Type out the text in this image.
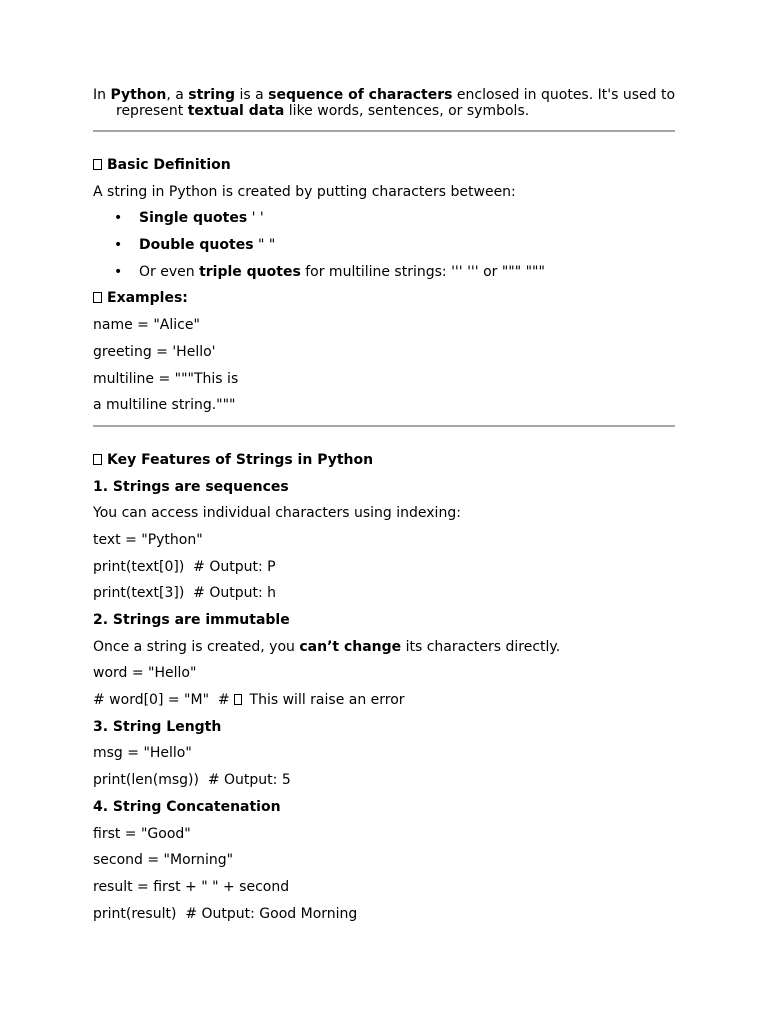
In Python, a string is a sequence of characters enclosed in quotes. It's used to represent textual data like words, sentences, or symbols.

Basic Definition

A string in Python is created by putting characters between:

• Single quotes ' '
• Double quotes " "
• Or even triple quotes for multiline strings: ''' ''' or """ """

Examples:

name = "Alice"

greeting = 'Hello'

multiline = """This is

a multiline string."""

Key Features of Strings in Python

1. Strings are sequences

You can access individual characters using indexing:

text = "Python"

print(text[0])  # Output: P

print(text[3])  # Output: h

2. Strings are immutable

Once a string is created, you can’t change its characters directly.

word = "Hello"

# word[0] = "M"  #  This will raise an error

3. String Length

msg = "Hello"

print(len(msg))  # Output: 5

4. String Concatenation

first = "Good"

second = "Morning"

result = first + " " + second

print(result)  # Output: Good Morning
